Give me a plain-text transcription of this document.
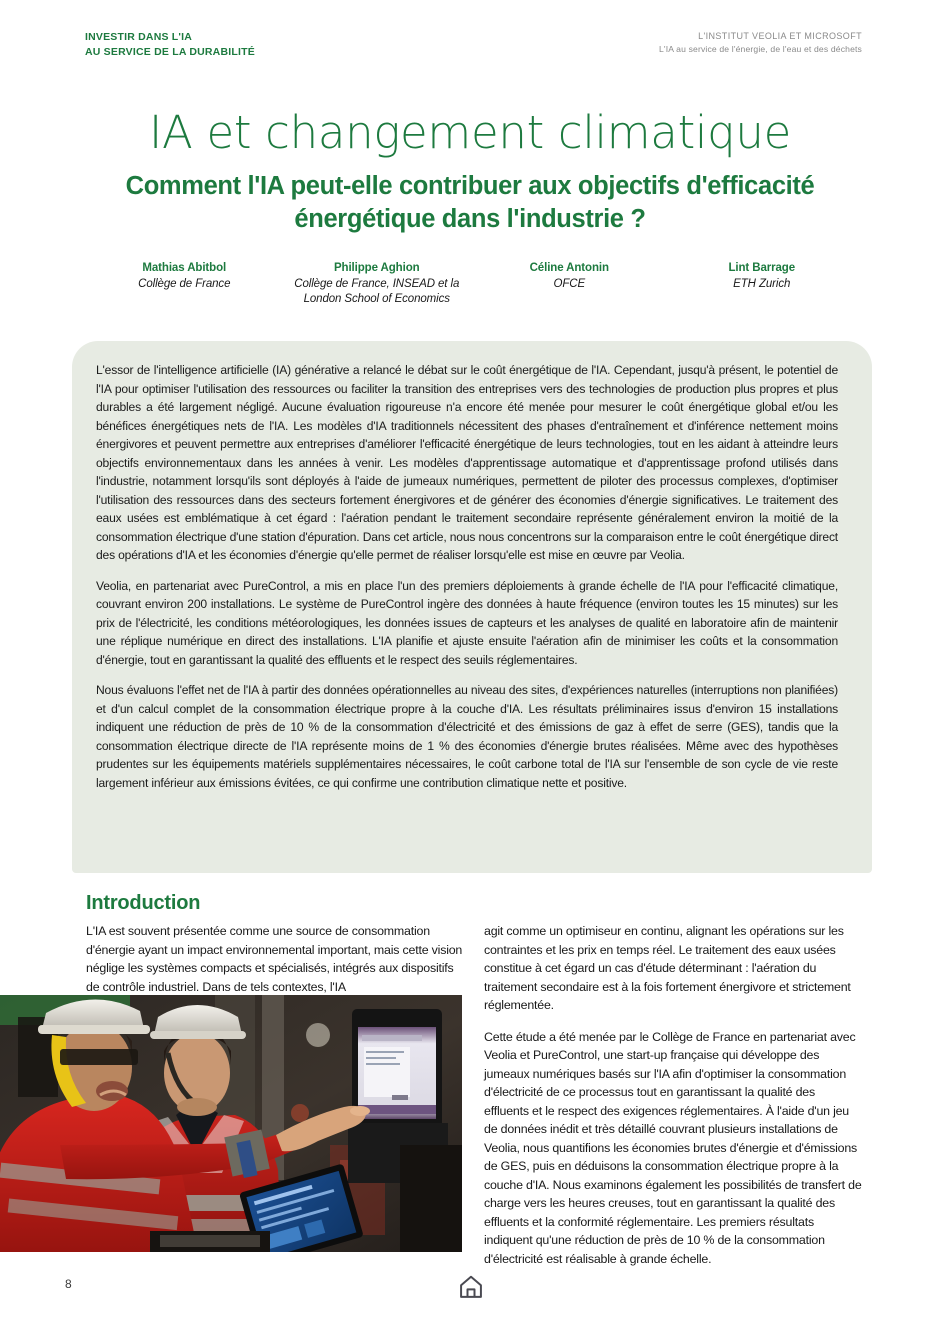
INVESTIR DANS L'IA
AU SERVICE DE LA DURABILITÉ
L'INSTITUT VEOLIA ET MICROSOFT
L'IA au service de l'énergie, de l'eau et des déchets
IA et changement climatique
Comment l'IA peut-elle contribuer aux objectifs d'efficacité énergétique dans l'industrie ?
Mathias Abitbol
Collège de France
Philippe Aghion
Collège de France, INSEAD et la London School of Economics
Céline Antonin
OFCE
Lint Barrage
ETH Zurich

L'essor de l'intelligence artificielle (IA) générative a relancé le débat sur le coût énergétique de l'IA. Cependant, jusqu'à présent, le potentiel de l'IA pour optimiser l'utilisation des ressources ou faciliter la transition des entreprises vers des technologies de production plus propres et plus durables a été largement négligé. Aucune évaluation rigoureuse n'a encore été menée pour mesurer le coût énergétique global et/ou les bénéfices énergétiques nets de l'IA. Les modèles d'IA traditionnels nécessitent des phases d'entraînement et d'inférence nettement moins énergivores et peuvent permettre aux entreprises d'améliorer l'efficacité énergétique de leurs technologies, tout en les aidant à atteindre leurs objectifs environnementaux dans les années à venir. Les modèles d'apprentissage automatique et d'apprentissage profond utilisés dans l'industrie, notamment lorsqu'ils sont déployés à l'aide de jumeaux numériques, permettent de piloter des processus complexes, d'optimiser l'utilisation des ressources dans des secteurs fortement énergivores et de générer des économies d'énergie significatives. Le traitement des eaux usées est emblématique à cet égard : l'aération pendant le traitement secondaire représente généralement environ la moitié de la consommation électrique d'une station d'épuration. Dans cet article, nous nous concentrons sur la comparaison entre le coût énergétique direct des opérations d'IA et les économies d'énergie qu'elle permet de réaliser lorsqu'elle est mise en œuvre par Veolia.

Veolia, en partenariat avec PureControl, a mis en place l'un des premiers déploiements à grande échelle de l'IA pour l'efficacité climatique, couvrant environ 200 installations. Le système de PureControl ingère des données à haute fréquence (environ toutes les 15 minutes) sur les prix de l'électricité, les conditions météorologiques, les données issues de capteurs et les analyses de qualité en laboratoire afin de maintenir une réplique numérique en direct des installations. L'IA planifie et ajuste ensuite l'aération afin de minimiser les coûts et la consommation d'énergie, tout en garantissant la qualité des effluents et le respect des seuils réglementaires.

Nous évaluons l'effet net de l'IA à partir des données opérationnelles au niveau des sites, d'expériences naturelles (interruptions non planifiées) et d'un calcul complet de la consommation électrique propre à la couche d'IA. Les résultats préliminaires issus d'environ 15 installations indiquent une réduction de près de 10 % de la consommation d'électricité et des émissions de gaz à effet de serre (GES), tandis que la consommation électrique directe de l'IA représente moins de 1 % des économies d'énergie brutes réalisées. Même avec des hypothèses prudentes sur les équipements matériels supplémentaires nécessaires, le coût carbone total de l'IA sur l'ensemble de son cycle de vie reste largement inférieur aux émissions évitées, ce qui confirme une contribution climatique nette et positive.

Introduction

L'IA est souvent présentée comme une source de consommation d'énergie ayant un impact environnemental important, mais cette vision néglige les systèmes compacts et spécialisés, intégrés aux dispositifs de contrôle industriel. Dans de tels contextes, l'IA

agit comme un optimiseur en continu, alignant les opérations sur les contraintes et les prix en temps réel. Le traitement des eaux usées constitue à cet égard un cas d'étude déterminant : l'aération du traitement secondaire est à la fois fortement énergivore et strictement réglementée.

Cette étude a été menée par le Collège de France en partenariat avec Veolia et PureControl, une start-up française qui développe des jumeaux numériques basés sur l'IA afin d'optimiser la consommation d'électricité de ce processus tout en garantissant la qualité des effluents et le respect des exigences réglementaires. À l'aide d'un jeu de données inédit et très détaillé couvrant plusieurs installations de Veolia, nous quantifions les économies brutes d'énergie et d'émissions de GES, puis en déduisons la consommation électrique propre à la couche d'IA. Nous examinons également les possibilités de transfert de charge vers les heures creuses, tout en garantissant la qualité des effluents et la conformité réglementaire. Les premiers résultats indiquent qu'une réduction de près de 10 % de la consommation d'électricité est réalisable à grande échelle.

8
